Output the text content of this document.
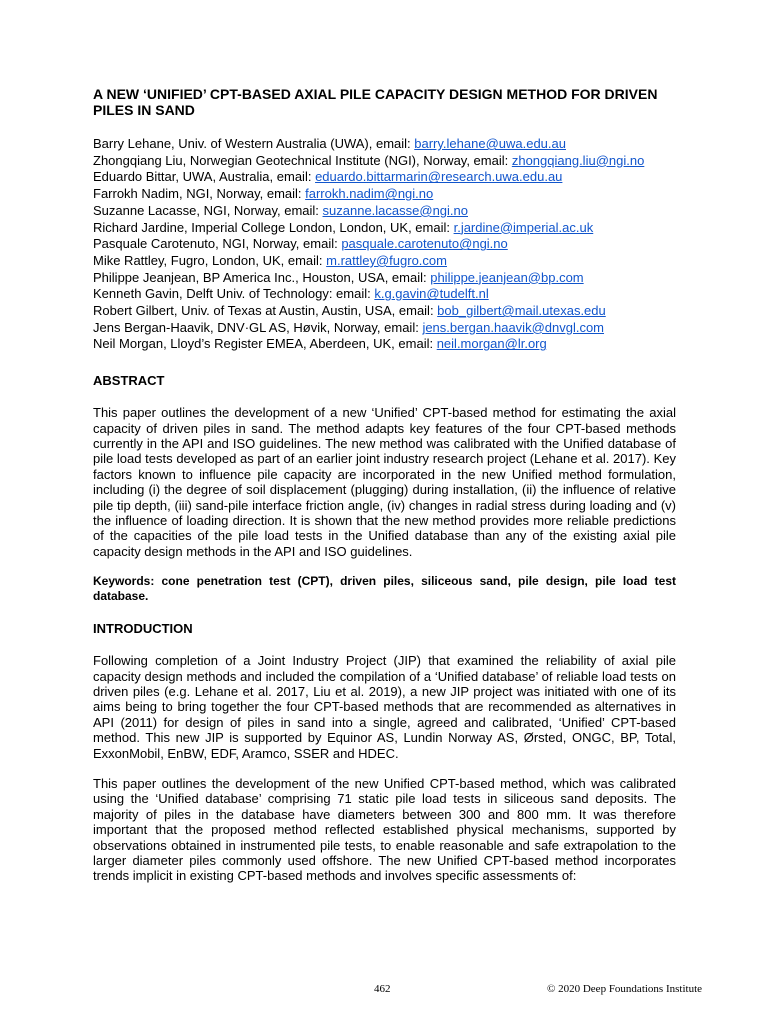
A NEW ‘UNIFIED’ CPT-BASED AXIAL PILE CAPACITY DESIGN METHOD FOR DRIVEN PILES IN SAND
Barry Lehane, Univ. of Western Australia (UWA), email: barry.lehane@uwa.edu.au
Zhongqiang Liu, Norwegian Geotechnical Institute (NGI), Norway, email: zhongqiang.liu@ngi.no
Eduardo Bittar, UWA, Australia, email: eduardo.bittarmarin@research.uwa.edu.au
Farrokh Nadim, NGI, Norway, email: farrokh.nadim@ngi.no
Suzanne Lacasse, NGI, Norway, email: suzanne.lacasse@ngi.no
Richard Jardine, Imperial College London, London, UK, email: r.jardine@imperial.ac.uk
Pasquale Carotenuto, NGI, Norway, email: pasquale.carotenuto@ngi.no
Mike Rattley, Fugro, London, UK, email: m.rattley@fugro.com
Philippe Jeanjean, BP America Inc., Houston, USA, email: philippe.jeanjean@bp.com
Kenneth Gavin, Delft Univ. of Technology: email: k.g.gavin@tudelft.nl
Robert Gilbert, Univ. of Texas at Austin, Austin, USA, email: bob_gilbert@mail.utexas.edu
Jens Bergan-Haavik, DNV·GL AS, Høvik, Norway, email: jens.bergan.haavik@dnvgl.com
Neil Morgan, Lloyd’s Register EMEA, Aberdeen, UK, email: neil.morgan@lr.org
ABSTRACT

This paper outlines the development of a new ‘Unified’ CPT-based method for estimating the axial capacity of driven piles in sand. The method adapts key features of the four CPT-based methods currently in the API and ISO guidelines. The new method was calibrated with the Unified database of pile load tests developed as part of an earlier joint industry research project (Lehane et al. 2017). Key factors known to influence pile capacity are incorporated in the new Unified method formulation, including (i) the degree of soil displacement (plugging) during installation, (ii) the influence of relative pile tip depth, (iii) sand-pile interface friction angle, (iv) changes in radial stress during loading and (v) the influence of loading direction. It is shown that the new method provides more reliable predictions of the capacities of the pile load tests in the Unified database than any of the existing axial pile capacity design methods in the API and ISO guidelines.

Keywords: cone penetration test (CPT), driven piles, siliceous sand, pile design, pile load test database.

INTRODUCTION

Following completion of a Joint Industry Project (JIP) that examined the reliability of axial pile capacity design methods and included the compilation of a ‘Unified database’ of reliable load tests on driven piles (e.g. Lehane et al. 2017, Liu et al. 2019), a new JIP project was initiated with one of its aims being to bring together the four CPT-based methods that are recommended as alternatives in API (2011) for design of piles in sand into a single, agreed and calibrated, ‘Unified’ CPT-based method. This new JIP is supported by Equinor AS, Lundin Norway AS, Ørsted, ONGC, BP, Total, ExxonMobil, EnBW, EDF, Aramco, SSER and HDEC.

This paper outlines the development of the new Unified CPT-based method, which was calibrated using the ‘Unified database’ comprising 71 static pile load tests in siliceous sand deposits. The majority of piles in the database have diameters between 300 and 800 mm. It was therefore important that the proposed method reflected established physical mechanisms, supported by observations obtained in instrumented pile tests, to enable reasonable and safe extrapolation to the larger diameter piles commonly used offshore. The new Unified CPT-based method incorporates trends implicit in existing CPT-based methods and involves specific assessments of:

462	© 2020 Deep Foundations Institute
